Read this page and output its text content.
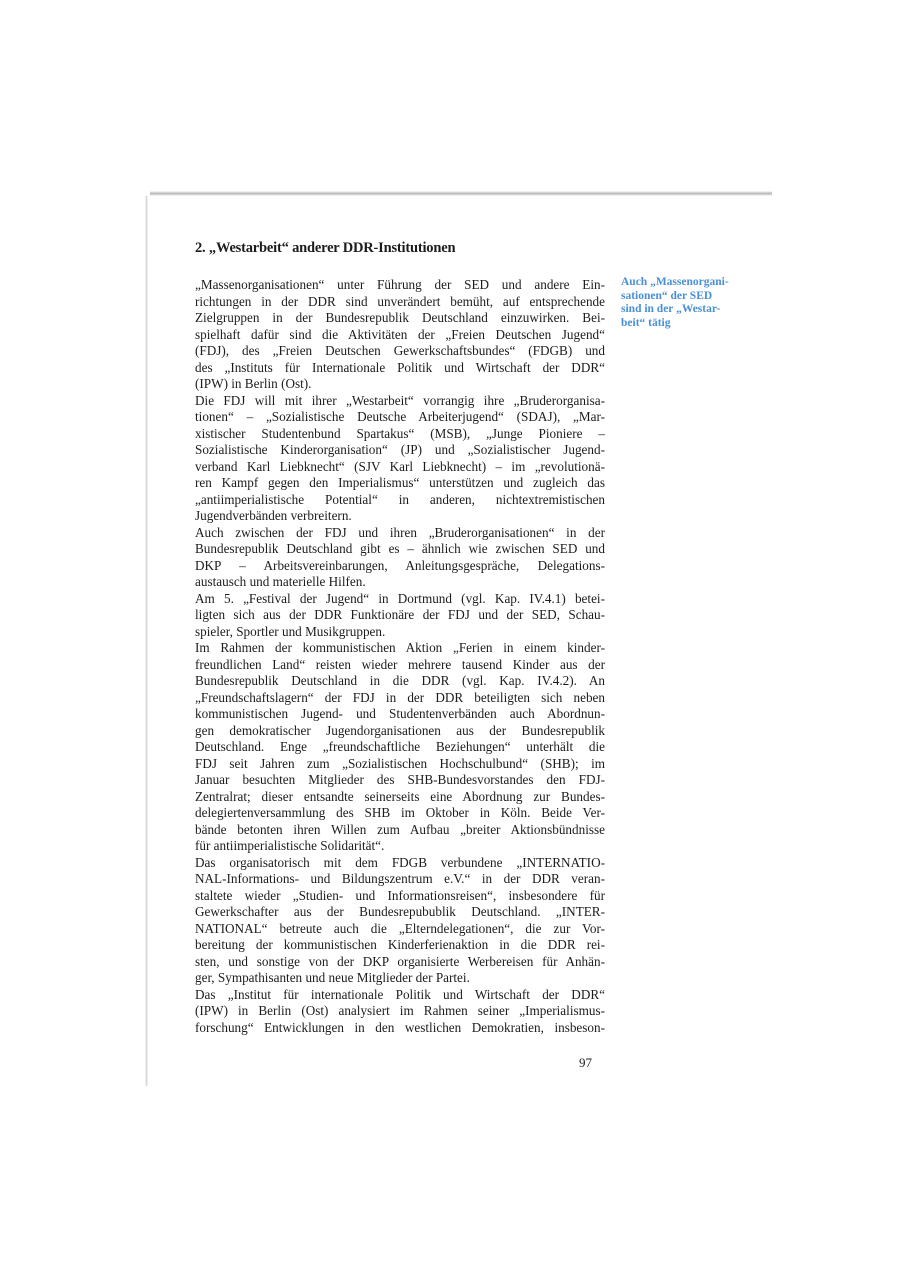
2. „Westarbeit“ anderer DDR-Institutionen
Auch „Massenorgani-
sationen“ der SED
sind in der „Westar-
beit“ tätig
„Massenorganisationen“ unter Führung der SED und andere Ein-
richtungen in der DDR sind unverändert bemüht, auf entsprechende
Zielgruppen in der Bundesrepublik Deutschland einzuwirken. Bei-
spielhaft dafür sind die Aktivitäten der „Freien Deutschen Jugend“
(FDJ), des „Freien Deutschen Gewerkschaftsbundes“ (FDGB) und
des „Instituts für Internationale Politik und Wirtschaft der DDR“
(IPW) in Berlin (Ost).
Die FDJ will mit ihrer „Westarbeit“ vorrangig ihre „Bruderorganisa-
tionen“ – „Sozialistische Deutsche Arbeiterjugend“ (SDAJ), „Mar-
xistischer Studentenbund Spartakus“ (MSB), „Junge Pioniere –
Sozialistische Kinderorganisation“ (JP) und „Sozialistischer Jugend-
verband Karl Liebknecht“ (SJV Karl Liebknecht) – im „revolutionä-
ren Kampf gegen den Imperialismus“ unterstützen und zugleich das
„antiimperialistische Potential“ in anderen, nichtextremistischen
Jugendverbänden verbreitern.
Auch zwischen der FDJ und ihren „Bruderorganisationen“ in der
Bundesrepublik Deutschland gibt es – ähnlich wie zwischen SED und
DKP – Arbeitsvereinbarungen, Anleitungsgespräche, Delegations-
austausch und materielle Hilfen.
Am 5. „Festival der Jugend“ in Dortmund (vgl. Kap. IV.4.1) betei-
ligten sich aus der DDR Funktionäre der FDJ und der SED, Schau-
spieler, Sportler und Musikgruppen.
Im Rahmen der kommunistischen Aktion „Ferien in einem kinder-
freundlichen Land“ reisten wieder mehrere tausend Kinder aus der
Bundesrepublik Deutschland in die DDR (vgl. Kap. IV.4.2). An
„Freundschaftslagern“ der FDJ in der DDR beteiligten sich neben
kommunistischen Jugend- und Studentenverbänden auch Abordnun-
gen demokratischer Jugendorganisationen aus der Bundesrepublik
Deutschland. Enge „freundschaftliche Beziehungen“ unterhält die
FDJ seit Jahren zum „Sozialistischen Hochschulbund“ (SHB); im
Januar besuchten Mitglieder des SHB-Bundesvorstandes den FDJ-
Zentralrat; dieser entsandte seinerseits eine Abordnung zur Bundes-
delegiertenversammlung des SHB im Oktober in Köln. Beide Ver-
bände betonten ihren Willen zum Aufbau „breiter Aktionsbündnisse
für antiimperialistische Solidarität“.
Das organisatorisch mit dem FDGB verbundene „INTERNATIO-
NAL-Informations- und Bildungszentrum e.V.“ in der DDR veran-
staltete wieder „Studien- und Informationsreisen“, insbesondere für
Gewerkschafter aus der Bundesrepubublik Deutschland. „INTER-
NATIONAL“ betreute auch die „Elterndelegationen“, die zur Vor-
bereitung der kommunistischen Kinderferienaktion in die DDR rei-
sten, und sonstige von der DKP organisierte Werbereisen für Anhän-
ger, Sympathisanten und neue Mitglieder der Partei.
Das „Institut für internationale Politik und Wirtschaft der DDR“
(IPW) in Berlin (Ost) analysiert im Rahmen seiner „Imperialismus-
forschung“ Entwicklungen in den westlichen Demokratien, insbeson-
97
